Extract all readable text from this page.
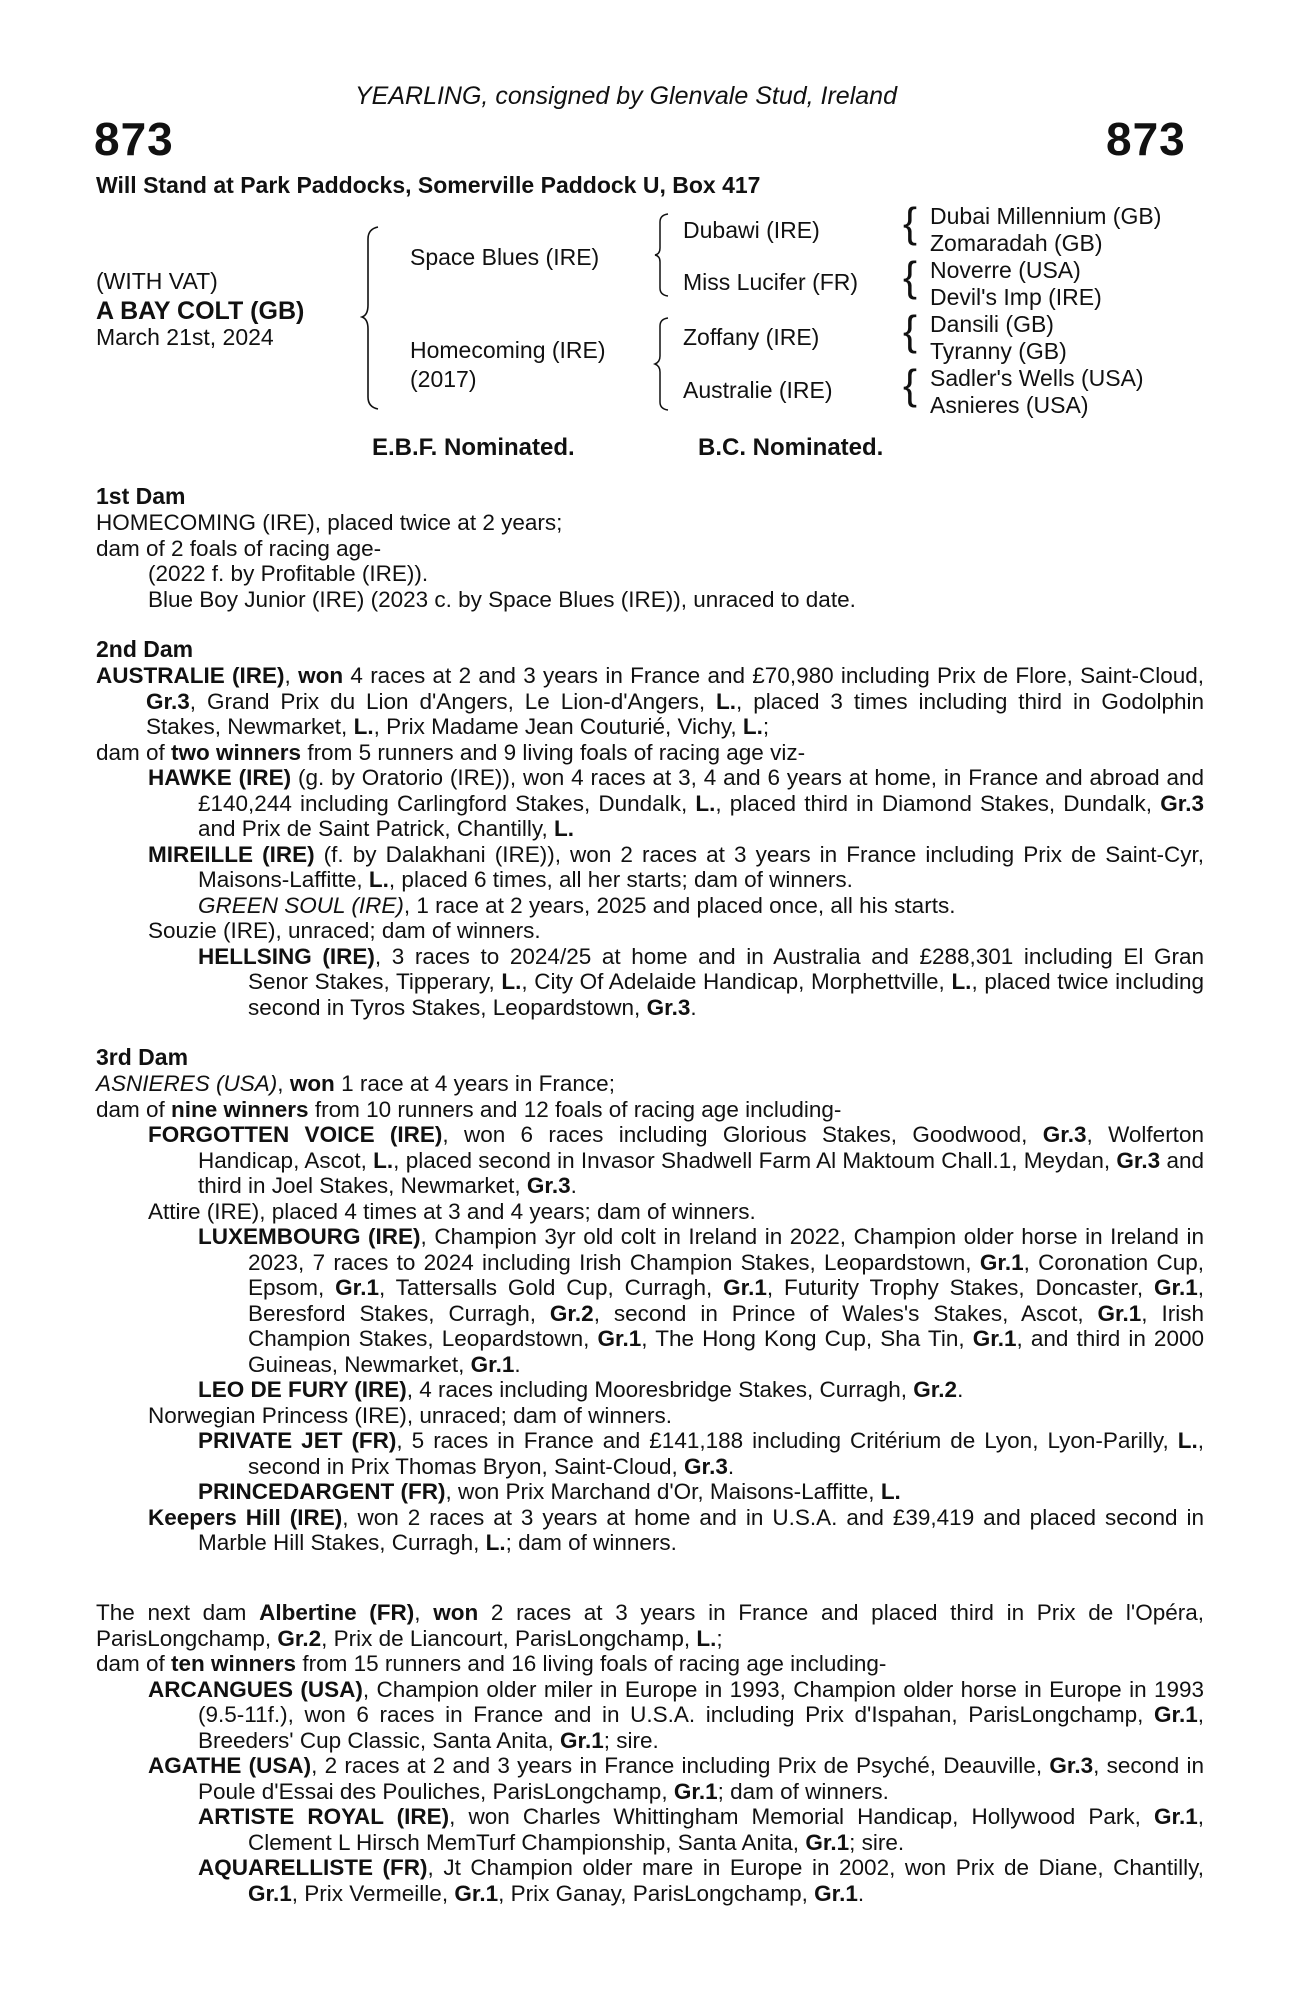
YEARLING, consigned by Glenvale Stud, Ireland
873	873
Will Stand at Park Paddocks, Somerville Paddock U, Box 417
(WITH VAT)
A BAY COLT (GB)
March 21st, 2024
Space Blues (IRE)
Homecoming (IRE)
(2017)
Dubawi (IRE)
Miss Lucifer (FR)
Zoffany (IRE)
Australie (IRE)
{
{
{
{
Dubai Millennium (GB)
Zomaradah (GB)
Noverre (USA)
Devil's Imp (IRE)
Dansili (GB)
Tyranny (GB)
Sadler's Wells (USA)
Asnieres (USA)
E.B.F. Nominated.	B.C. Nominated.
1st Dam

HOMECOMING (IRE), placed twice at 2 years;

dam of 2 foals of racing age-

(2022 f. by Profitable (IRE)).

Blue Boy Junior (IRE) (2023 c. by Space Blues (IRE)), unraced to date.

2nd Dam

AUSTRALIE (IRE), won 4 races at 2 and 3 years in France and £70,980 including Prix de Flore, Saint-Cloud, Gr.3, Grand Prix du Lion d'Angers, Le Lion-d'Angers, L., placed 3 times including third in Godolphin Stakes, Newmarket, L., Prix Madame Jean Couturié, Vichy, L.;

dam of two winners from 5 runners and 9 living foals of racing age viz-

HAWKE (IRE) (g. by Oratorio (IRE)), won 4 races at 3, 4 and 6 years at home, in France and abroad and £140,244 including Carlingford Stakes, Dundalk, L., placed third in Diamond Stakes, Dundalk, Gr.3 and Prix de Saint Patrick, Chantilly, L.

MIREILLE (IRE) (f. by Dalakhani (IRE)), won 2 races at 3 years in France including Prix de Saint-Cyr, Maisons-Laffitte, L., placed 6 times, all her starts; dam of winners.

GREEN SOUL (IRE), 1 race at 2 years, 2025 and placed once, all his starts.

Souzie (IRE), unraced; dam of winners.

HELLSING (IRE), 3 races to 2024/25 at home and in Australia and £288,301 including El Gran Senor Stakes, Tipperary, L., City Of Adelaide Handicap, Morphettville, L., placed twice including second in Tyros Stakes, Leopardstown, Gr.3.

3rd Dam

ASNIERES (USA), won 1 race at 4 years in France;

dam of nine winners from 10 runners and 12 foals of racing age including-

FORGOTTEN VOICE (IRE), won 6 races including Glorious Stakes, Goodwood, Gr.3, Wolferton Handicap, Ascot, L., placed second in Invasor Shadwell Farm Al Maktoum Chall.1, Meydan, Gr.3 and third in Joel Stakes, Newmarket, Gr.3.

Attire (IRE), placed 4 times at 3 and 4 years; dam of winners.

LUXEMBOURG (IRE), Champion 3yr old colt in Ireland in 2022, Champion older horse in Ireland in 2023, 7 races to 2024 including Irish Champion Stakes, Leopardstown, Gr.1, Coronation Cup, Epsom, Gr.1, Tattersalls Gold Cup, Curragh, Gr.1, Futurity Trophy Stakes, Doncaster, Gr.1, Beresford Stakes, Curragh, Gr.2, second in Prince of Wales's Stakes, Ascot, Gr.1, Irish Champion Stakes, Leopardstown, Gr.1, The Hong Kong Cup, Sha Tin, Gr.1, and third in 2000 Guineas, Newmarket, Gr.1.

LEO DE FURY (IRE), 4 races including Mooresbridge Stakes, Curragh, Gr.2.

Norwegian Princess (IRE), unraced; dam of winners.

PRIVATE JET (FR), 5 races in France and £141,188 including Critérium de Lyon, Lyon-Parilly, L., second in Prix Thomas Bryon, Saint-Cloud, Gr.3.

PRINCEDARGENT (FR), won Prix Marchand d'Or, Maisons-Laffitte, L.

Keepers Hill (IRE), won 2 races at 3 years at home and in U.S.A. and £39,419 and placed second in Marble Hill Stakes, Curragh, L.; dam of winners.

The next dam Albertine (FR), won 2 races at 3 years in France and placed third in Prix de l'Opéra, ParisLongchamp, Gr.2, Prix de Liancourt, ParisLongchamp, L.;

dam of ten winners from 15 runners and 16 living foals of racing age including-

ARCANGUES (USA), Champion older miler in Europe in 1993, Champion older horse in Europe in 1993 (9.5-11f.), won 6 races in France and in U.S.A. including Prix d'Ispahan, ParisLongchamp, Gr.1, Breeders' Cup Classic, Santa Anita, Gr.1; sire.

AGATHE (USA), 2 races at 2 and 3 years in France including Prix de Psyché, Deauville, Gr.3, second in Poule d'Essai des Pouliches, ParisLongchamp, Gr.1; dam of winners.

ARTISTE ROYAL (IRE), won Charles Whittingham Memorial Handicap, Hollywood Park, Gr.1, Clement L Hirsch MemTurf Championship, Santa Anita, Gr.1; sire.

AQUARELLISTE (FR), Jt Champion older mare in Europe in 2002, won Prix de Diane, Chantilly, Gr.1, Prix Vermeille, Gr.1, Prix Ganay, ParisLongchamp, Gr.1.
